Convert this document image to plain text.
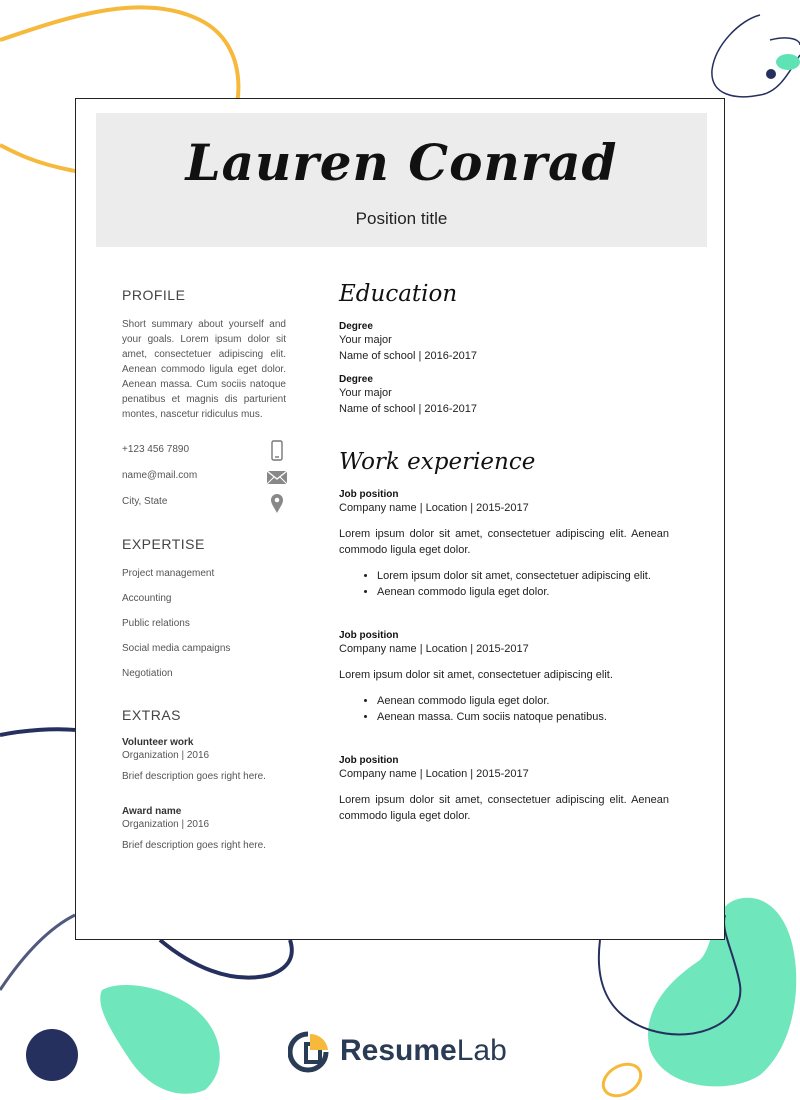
Lauren Conrad
Position title
PROFILE
Short summary about yourself and your goals. Lorem ipsum dolor sit amet, consectetuer adipiscing elit. Aenean commodo ligula eget dolor. Aenean massa. Cum sociis natoque penatibus et magnis dis parturient montes, nascetur ridiculus mus.
+123 456 7890
name@mail.com
City, State
EXPERTISE
Project management
Accounting
Public relations
Social media campaigns
Negotiation
EXTRAS
Volunteer work
Organization | 2016
Brief description goes right here.
Award name
Organization | 2016
Brief description goes right here.
Education
Degree
Your major
Name of school | 2016-2017
Degree
Your major
Name of school | 2016-2017
Work experience
Job position
Company name | Location | 2015-2017
Lorem ipsum dolor sit amet, consectetuer adipiscing elit. Aenean commodo ligula eget dolor.
• Lorem ipsum dolor sit amet, consectetuer adipiscing elit.
• Aenean commodo ligula eget dolor.
Job position
Company name | Location | 2015-2017
Lorem ipsum dolor sit amet, consectetuer adipiscing elit.
• Aenean commodo ligula eget dolor.
• Aenean massa. Cum sociis natoque penatibus.
Job position
Company name | Location | 2015-2017
Lorem ipsum dolor sit amet, consectetuer adipiscing elit. Aenean commodo ligula eget dolor.
ResumeLab
